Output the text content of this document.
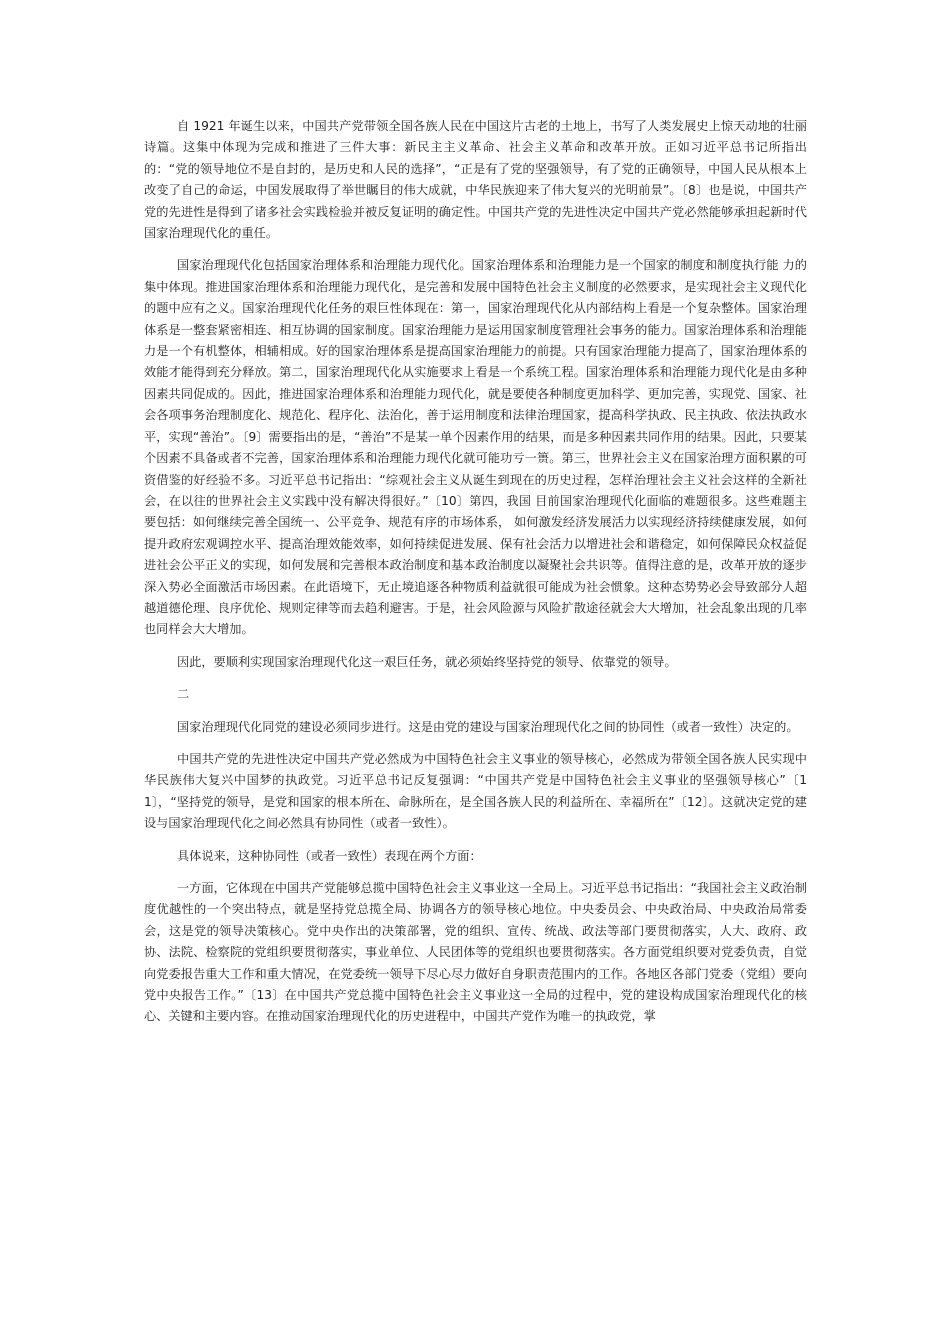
自 1921 年诞生以来，中国共产党带领全国各族人民在中国这片古老的土地上，书写了人类发展史上惊天动地的壮丽诗篇。这集中体现为完成和推进了三件大事：新民主主义革命、社会主义革命和改革开放。正如习近平总书记所指出的：“党的领导地位不是自封的，是历史和人民的选择”，“正是有了党的坚强领导，有了党的正确领导，中国人民从根本上改变了自己的命运，中国发展取得了举世瞩目的伟大成就，中华民族迎来了伟大复兴的光明前景”。〔8〕也是说，中国共产党的先进性是得到了诸多社会实践检验并被反复证明的确定性。中国共产党的先进性决定中国共产党必然能够承担起新时代国家治理现代化的重任。

国家治理现代化包括国家治理体系和治理能力现代化。国家治理体系和治理能力是一个国家的制度和制度执行能 力的集中体现。推进国家治理体系和治理能力现代化，是完善和发展中国特色社会主义制度的必然要求，是实现社会主义现代化的题中应有之义。国家治理现代化任务的艰巨性体现在：第一，国家治理现代化从内部结构上看是一个复杂整体。国家治理体系是一整套紧密相连、相互协调的国家制度。国家治理能力是运用国家制度管理社会事务的能力。国家治理体系和治理能力是一个有机整体，相辅相成。好的国家治理体系是提高国家治理能力的前提。只有国家治理能力提高了，国家治理体系的效能才能得到充分释放。第二，国家治理现代化从实施要求上看是一个系统工程。国家治理体系和治理能力现代化是由多种因素共同促成的。因此，推进国家治理体系和治理能力现代化，就是要使各种制度更加科学、更加完善，实现党、国家、社会各项事务治理制度化、规范化、程序化、法治化，善于运用制度和法律治理国家，提高科学执政、民主执政、依法执政水平，实现“善治”。〔9〕需要指出的是，“善治”不是某一单个因素作用的结果，而是多种因素共同作用的结果。因此，只要某个因素不具备或者不完善，国家治理体系和治理能力现代化就可能功亏一篑。第三，世界社会主义在国家治理方面积累的可资借鉴的好经验不多。习近平总书记指出：“综观社会主义从诞生到现在的历史过程，怎样治理社会主义社会这样的全新社会，在以往的世界社会主义实践中没有解决得很好。”〔10〕第四，我国 目前国家治理现代化面临的难题很多。这些难题主要包括：如何继续完善全国统一、公平竞争、规范有序的市场体系， 如何激发经济发展活力以实现经济持续健康发展，如何提升政府宏观调控水平、提高治理效能效率，如何持续促进发展、保有社会活力以增进社会和谐稳定，如何保障民众权益促进社会公平正义的实现，如何发展和完善根本政治制度和基本政治制度以凝聚社会共识等。值得注意的是，改革开放的逐步深入势必全面激活市场因素。在此语境下，无止境追逐各种物质利益就很可能成为社会惯象。这种态势势必会导致部分人超越道德伦理、良序优伦、规则定律等而去趋利避害。于是，社会风险源与风险扩散途径就会大大增加，社会乱象出现的几率也同样会大大增加。

因此，要顺利实现国家治理现代化这一艰巨任务，就必须始终坚持党的领导、依靠党的领导。

二

国家治理现代化同党的建设必须同步进行。这是由党的建设与国家治理现代化之间的协同性（或者一致性）决定的。

中国共产党的先进性决定中国共产党必然成为中国特色社会主义事业的领导核心，必然成为带领全国各族人民实现中华民族伟大复兴中国梦的执政党。习近平总书记反复强调：“中国共产党是中国特色社会主义事业的坚强领导核心”〔11〕，“坚持党的领导，是党和国家的根本所在、命脉所在，是全国各族人民的利益所在、幸福所在”〔12〕。这就决定党的建设与国家治理现代化之间必然具有协同性（或者一致性）。

具体说来，这种协同性（或者一致性）表现在两个方面：

一方面，它体现在中国共产党能够总揽中国特色社会主义事业这一全局上。习近平总书记指出：“我国社会主义政治制度优越性的一个突出特点，就是坚持党总揽全局、协调各方的领导核心地位。中央委员会、中央政治局、中央政治局常委会，这是党的领导决策核心。党中央作出的决策部署，党的组织、宣传、统战、政法等部门要贯彻落实，人大、政府、政协、法院、检察院的党组织要贯彻落实，事业单位、人民团体等的党组织也要贯彻落实。各方面党组织要对党委负责，自觉向党委报告重大工作和重大情况，在党委统一领导下尽心尽力做好自身职责范围内的工作。各地区各部门党委（党组）要向党中央报告工作。”〔13〕在中国共产党总揽中国特色社会主义事业这一全局的过程中，党的建设构成国家治理现代化的核心、关键和主要内容。在推动国家治理现代化的历史进程中，中国共产党作为唯一的执政党，掌
